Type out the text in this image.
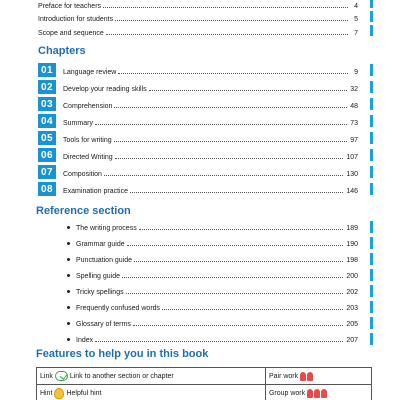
Preface for teachers	4
Introduction for students	5
Scope and sequence	7
Chapters
01	Language review	9
02	Develop your reading skills	32
03	Comprehension	48
04	Summary	73
05	Tools for writing	97
06	Directed Writing	107
07	Composition	130
08	Examination practice	146
Reference section
The writing process	189
Grammar guide	190
Punctuation guide	198
Spelling guide	200
Tricky spellings	202
Frequently confused words	203
Glossary of terms	205
Index	207
Features to help you in this book
Link Link to another section or chapter	Pair work

Hint Helpful hint	Group work
